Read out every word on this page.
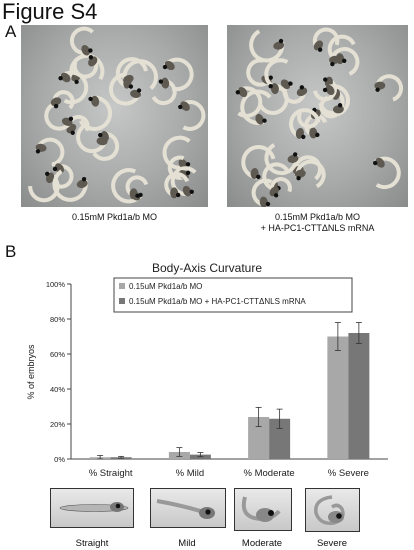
Figure S4
A
0.15mM Pkd1a/b MO	0.15mM Pkd1a/b MO
+ HA-PC1-CTTΔNLS mRNA
B
Body-Axis Curvature
% of embryos
0%
20%
40%
60%
80%
100%
% Straight	% Mild	% Moderate	% Severe
0.15uM Pkd1a/b MO
0.15uM Pkd1a/b MO + HA-PC1-CTTΔNLS mRNA
Straight	Mild	Moderate	Severe
